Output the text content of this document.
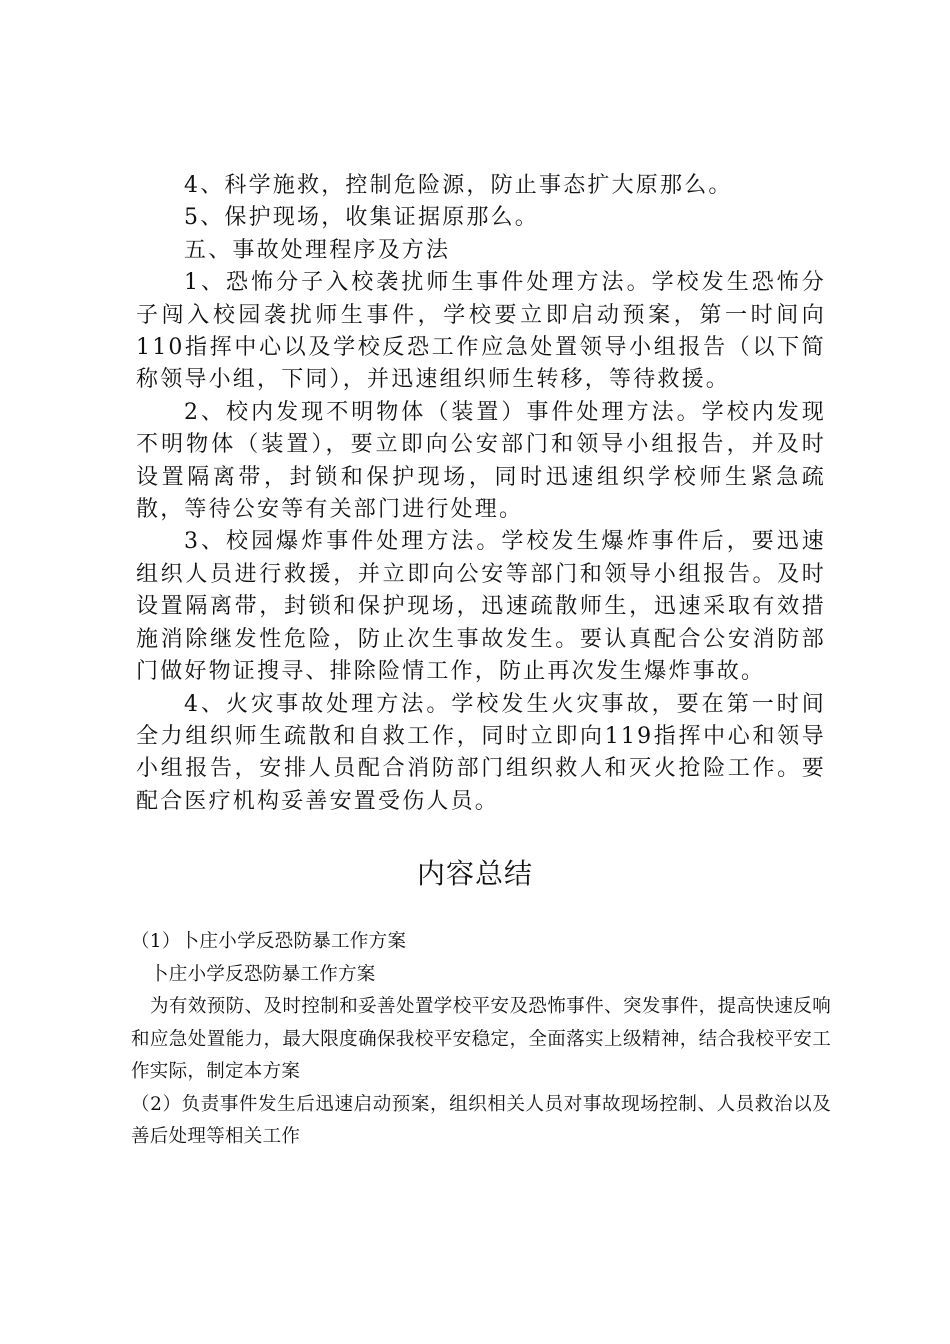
4、科学施救，控制危险源，防止事态扩大原那么。

5、保护现场，收集证据原那么。

五、事故处理程序及方法

1、恐怖分子入校袭扰师生事件处理方法。学校发生恐怖分子闯入校园袭扰师生事件，学校要立即启动预案，第一时间向110指挥中心以及学校反恐工作应急处置领导小组报告（以下简称领导小组，下同），并迅速组织师生转移，等待救援。

2、校内发现不明物体（装置）事件处理方法。学校内发现不明物体（装置），要立即向公安部门和领导小组报告，并及时设置隔离带，封锁和保护现场，同时迅速组织学校师生紧急疏散，等待公安等有关部门进行处理。

3、校园爆炸事件处理方法。学校发生爆炸事件后，要迅速组织人员进行救援，并立即向公安等部门和领导小组报告。及时设置隔离带，封锁和保护现场，迅速疏散师生，迅速采取有效措施消除继发性危险，防止次生事故发生。要认真配合公安消防部门做好物证搜寻、排除险情工作，防止再次发生爆炸事故。

4、火灾事故处理方法。学校发生火灾事故，要在第一时间全力组织师生疏散和自救工作，同时立即向119指挥中心和领导小组报告，安排人员配合消防部门组织救人和灭火抢险工作。要配合医疗机构妥善安置受伤人员。

内容总结

（1）卜庄小学反恐防暴工作方案

卜庄小学反恐防暴工作方案

为有效预防、及时控制和妥善处置学校平安及恐怖事件、突发事件，提高快速反响和应急处置能力，最大限度确保我校平安稳定，全面落实上级精神，结合我校平安工作实际，制定本方案

（2）负责事件发生后迅速启动预案，组织相关人员对事故现场控制、人员救治以及善后处理等相关工作
